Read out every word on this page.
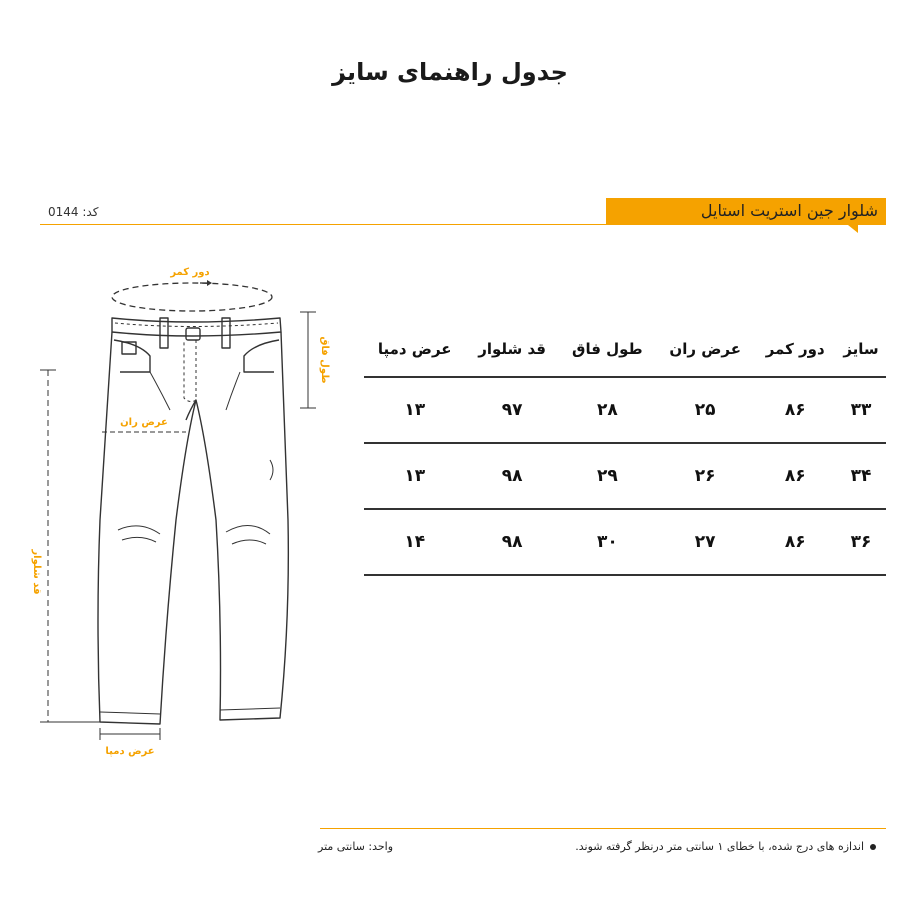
جدول راهنمای سایز
شلوار جین استریت استایل
کد: 0144
دور کمر
عرض ران
طول فاق
قد شلوار
عرض دمپا
سایز	دور کمر	عرض ران	طول فاق	قد شلوار	عرض دمپا
۳۳	۸۶	۲۵	۲۸	۹۷	۱۳
۳۴	۸۶	۲۶	۲۹	۹۸	۱۳
۳۶	۸۶	۲۷	۳۰	۹۸	۱۴
اندازه های درج شده، با خطای ۱ سانتی متر درنظر گرفته شوند.
واحد: سانتی متر
